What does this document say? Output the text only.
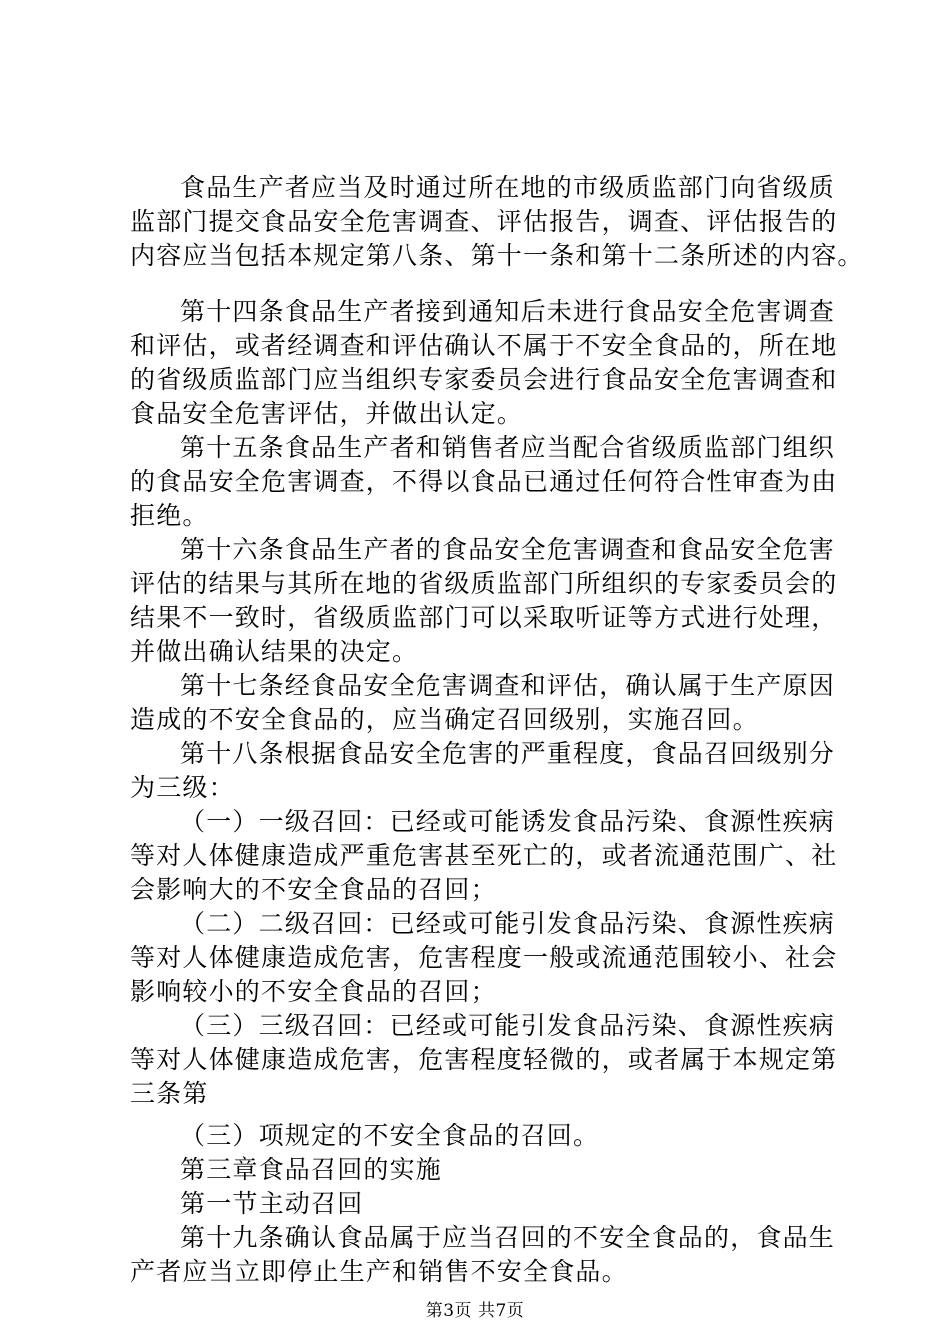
食品生产者应当及时通过所在地的市级质监部门向省级质
监部门提交食品安全危害调查、评估报告，调查、评估报告的
内容应当包括本规定第八条、第十一条和第十二条所述的内容。
第十四条食品生产者接到通知后未进行食品安全危害调查
和评估，或者经调查和评估确认不属于不安全食品的，所在地
的省级质监部门应当组织专家委员会进行食品安全危害调查和
食品安全危害评估，并做出认定。
第十五条食品生产者和销售者应当配合省级质监部门组织
的食品安全危害调查，不得以食品已通过任何符合性审查为由
拒绝。
第十六条食品生产者的食品安全危害调查和食品安全危害
评估的结果与其所在地的省级质监部门所组织的专家委员会的
结果不一致时，省级质监部门可以采取听证等方式进行处理，
并做出确认结果的决定。
第十七条经食品安全危害调查和评估，确认属于生产原因
造成的不安全食品的，应当确定召回级别，实施召回。
第十八条根据食品安全危害的严重程度，食品召回级别分
为三级：
（一）一级召回：已经或可能诱发食品污染、食源性疾病
等对人体健康造成严重危害甚至死亡的，或者流通范围广、社
会影响大的不安全食品的召回；
（二）二级召回：已经或可能引发食品污染、食源性疾病
等对人体健康造成危害，危害程度一般或流通范围较小、社会
影响较小的不安全食品的召回；
（三）三级召回：已经或可能引发食品污染、食源性疾病
等对人体健康造成危害，危害程度轻微的，或者属于本规定第
三条第
（三）项规定的不安全食品的召回。
第三章食品召回的实施
第一节主动召回
第十九条确认食品属于应当召回的不安全食品的，食品生
产者应当立即停止生产和销售不安全食品。
第3页 共7页
